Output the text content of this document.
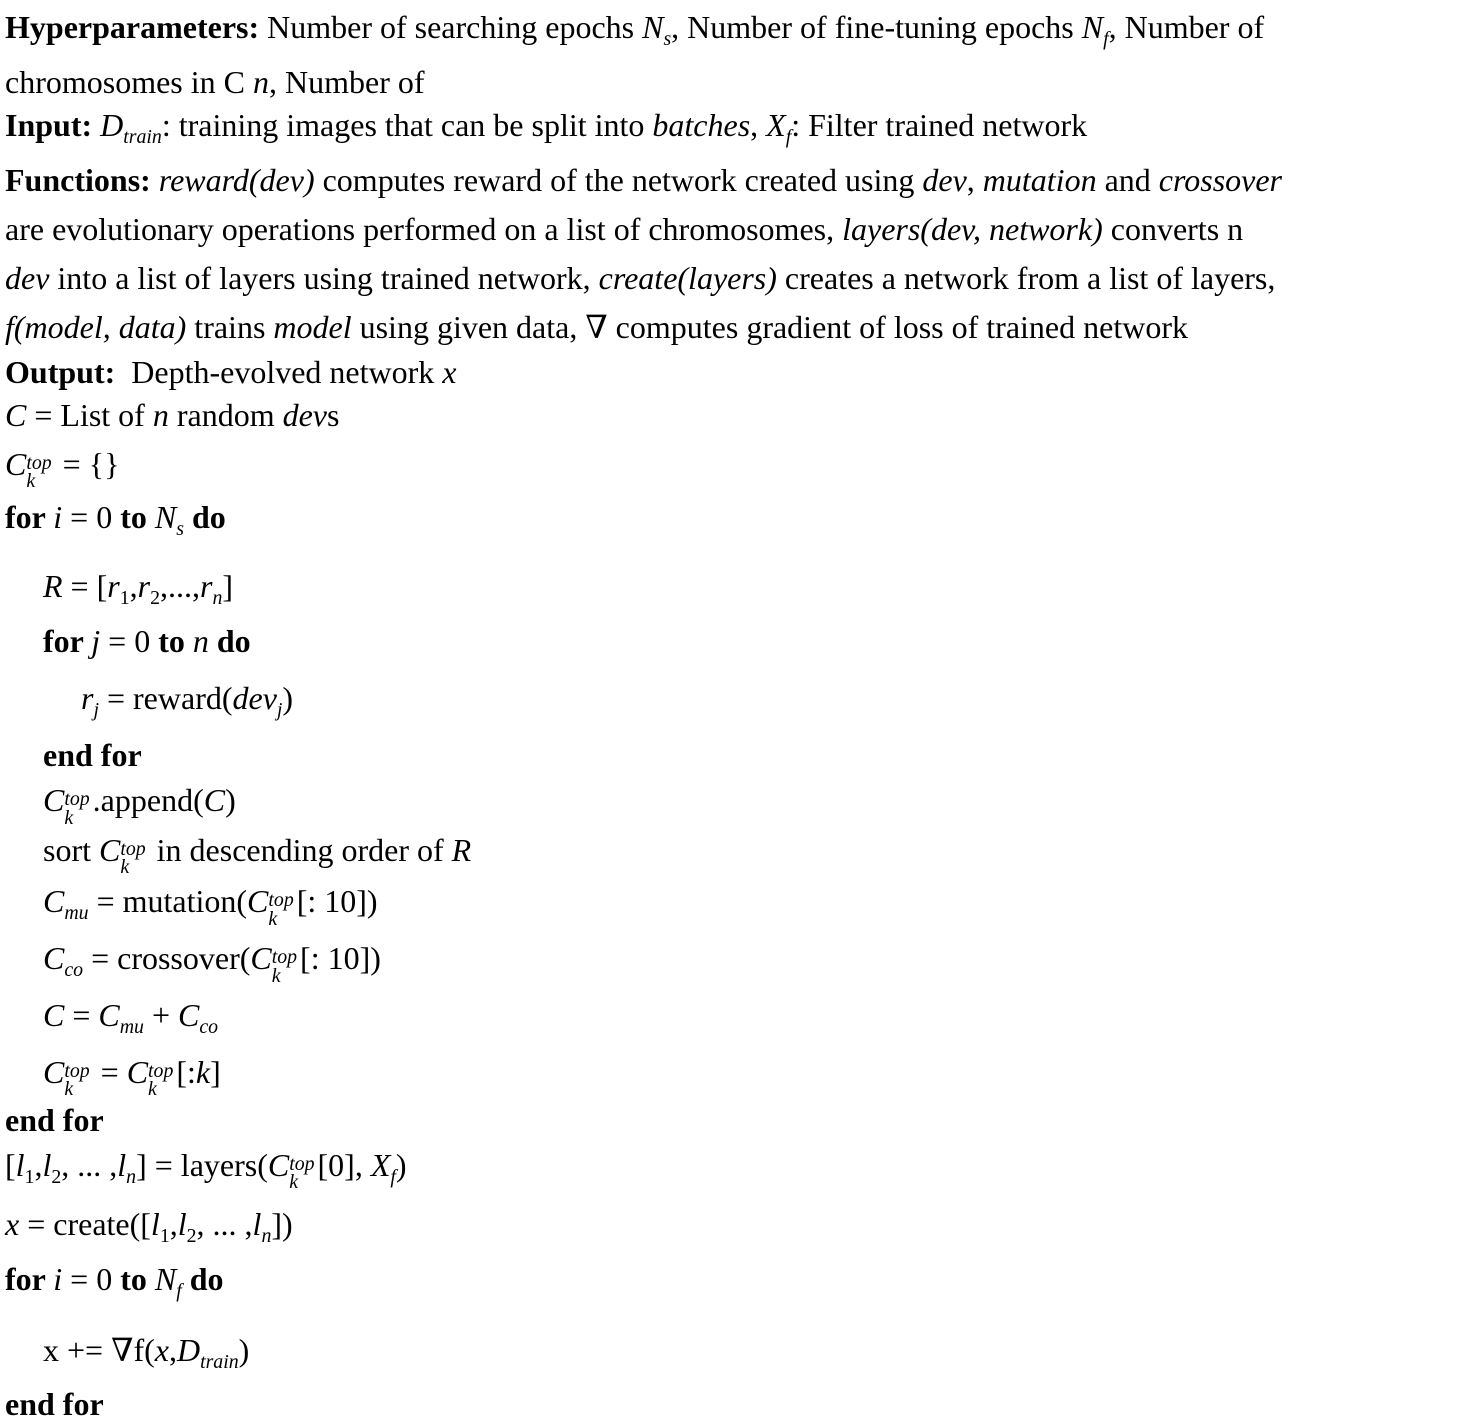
Hyperparameters: Number of searching epochs $N_s$, Number of fine-tuning epochs $N_f$, Number of
chromosomes in C n, Number of
Input: $D_{train}$: training images that can be split into batches, $X_f$: Filter trained network
Functions: reward(dev) computes reward of the network created using dev, mutation and crossover
are evolutionary operations performed on a list of chromosomes, layers(dev, network) converts n
dev into a list of layers using trained network, create(layers) creates a network from a list of layers,
f(model, data) trains model using given data, ∇ computes gradient of loss of trained network
Output:  Depth-evolved network x
C = List of n random devs
C top
k = {}
for i = 0 to $N_s$ do
$R = [r_1,r_2,...,r_n]$
for j = 0 to n do
$r_j$ = reward(dev$_j$)
end for
C top
k .append(C)
sort C top
k in descending order of R
$C_{mu}$ = mutation(C top
k [: 10])
$C_{co}$ = crossover(C top
k [: 10])
$C = C_{mu} + C_{co}$
C top
k = C top
k [:k]
end for
[$l_1,l_2$, ... $,l_n$] = layers(C top
k [0], $X_f$)
$x = create([l_1,l_2$, ... $,l_n$])
for i = 0 to $N_f$ do
$x += \nabla f(x,D_{train})$
end for
